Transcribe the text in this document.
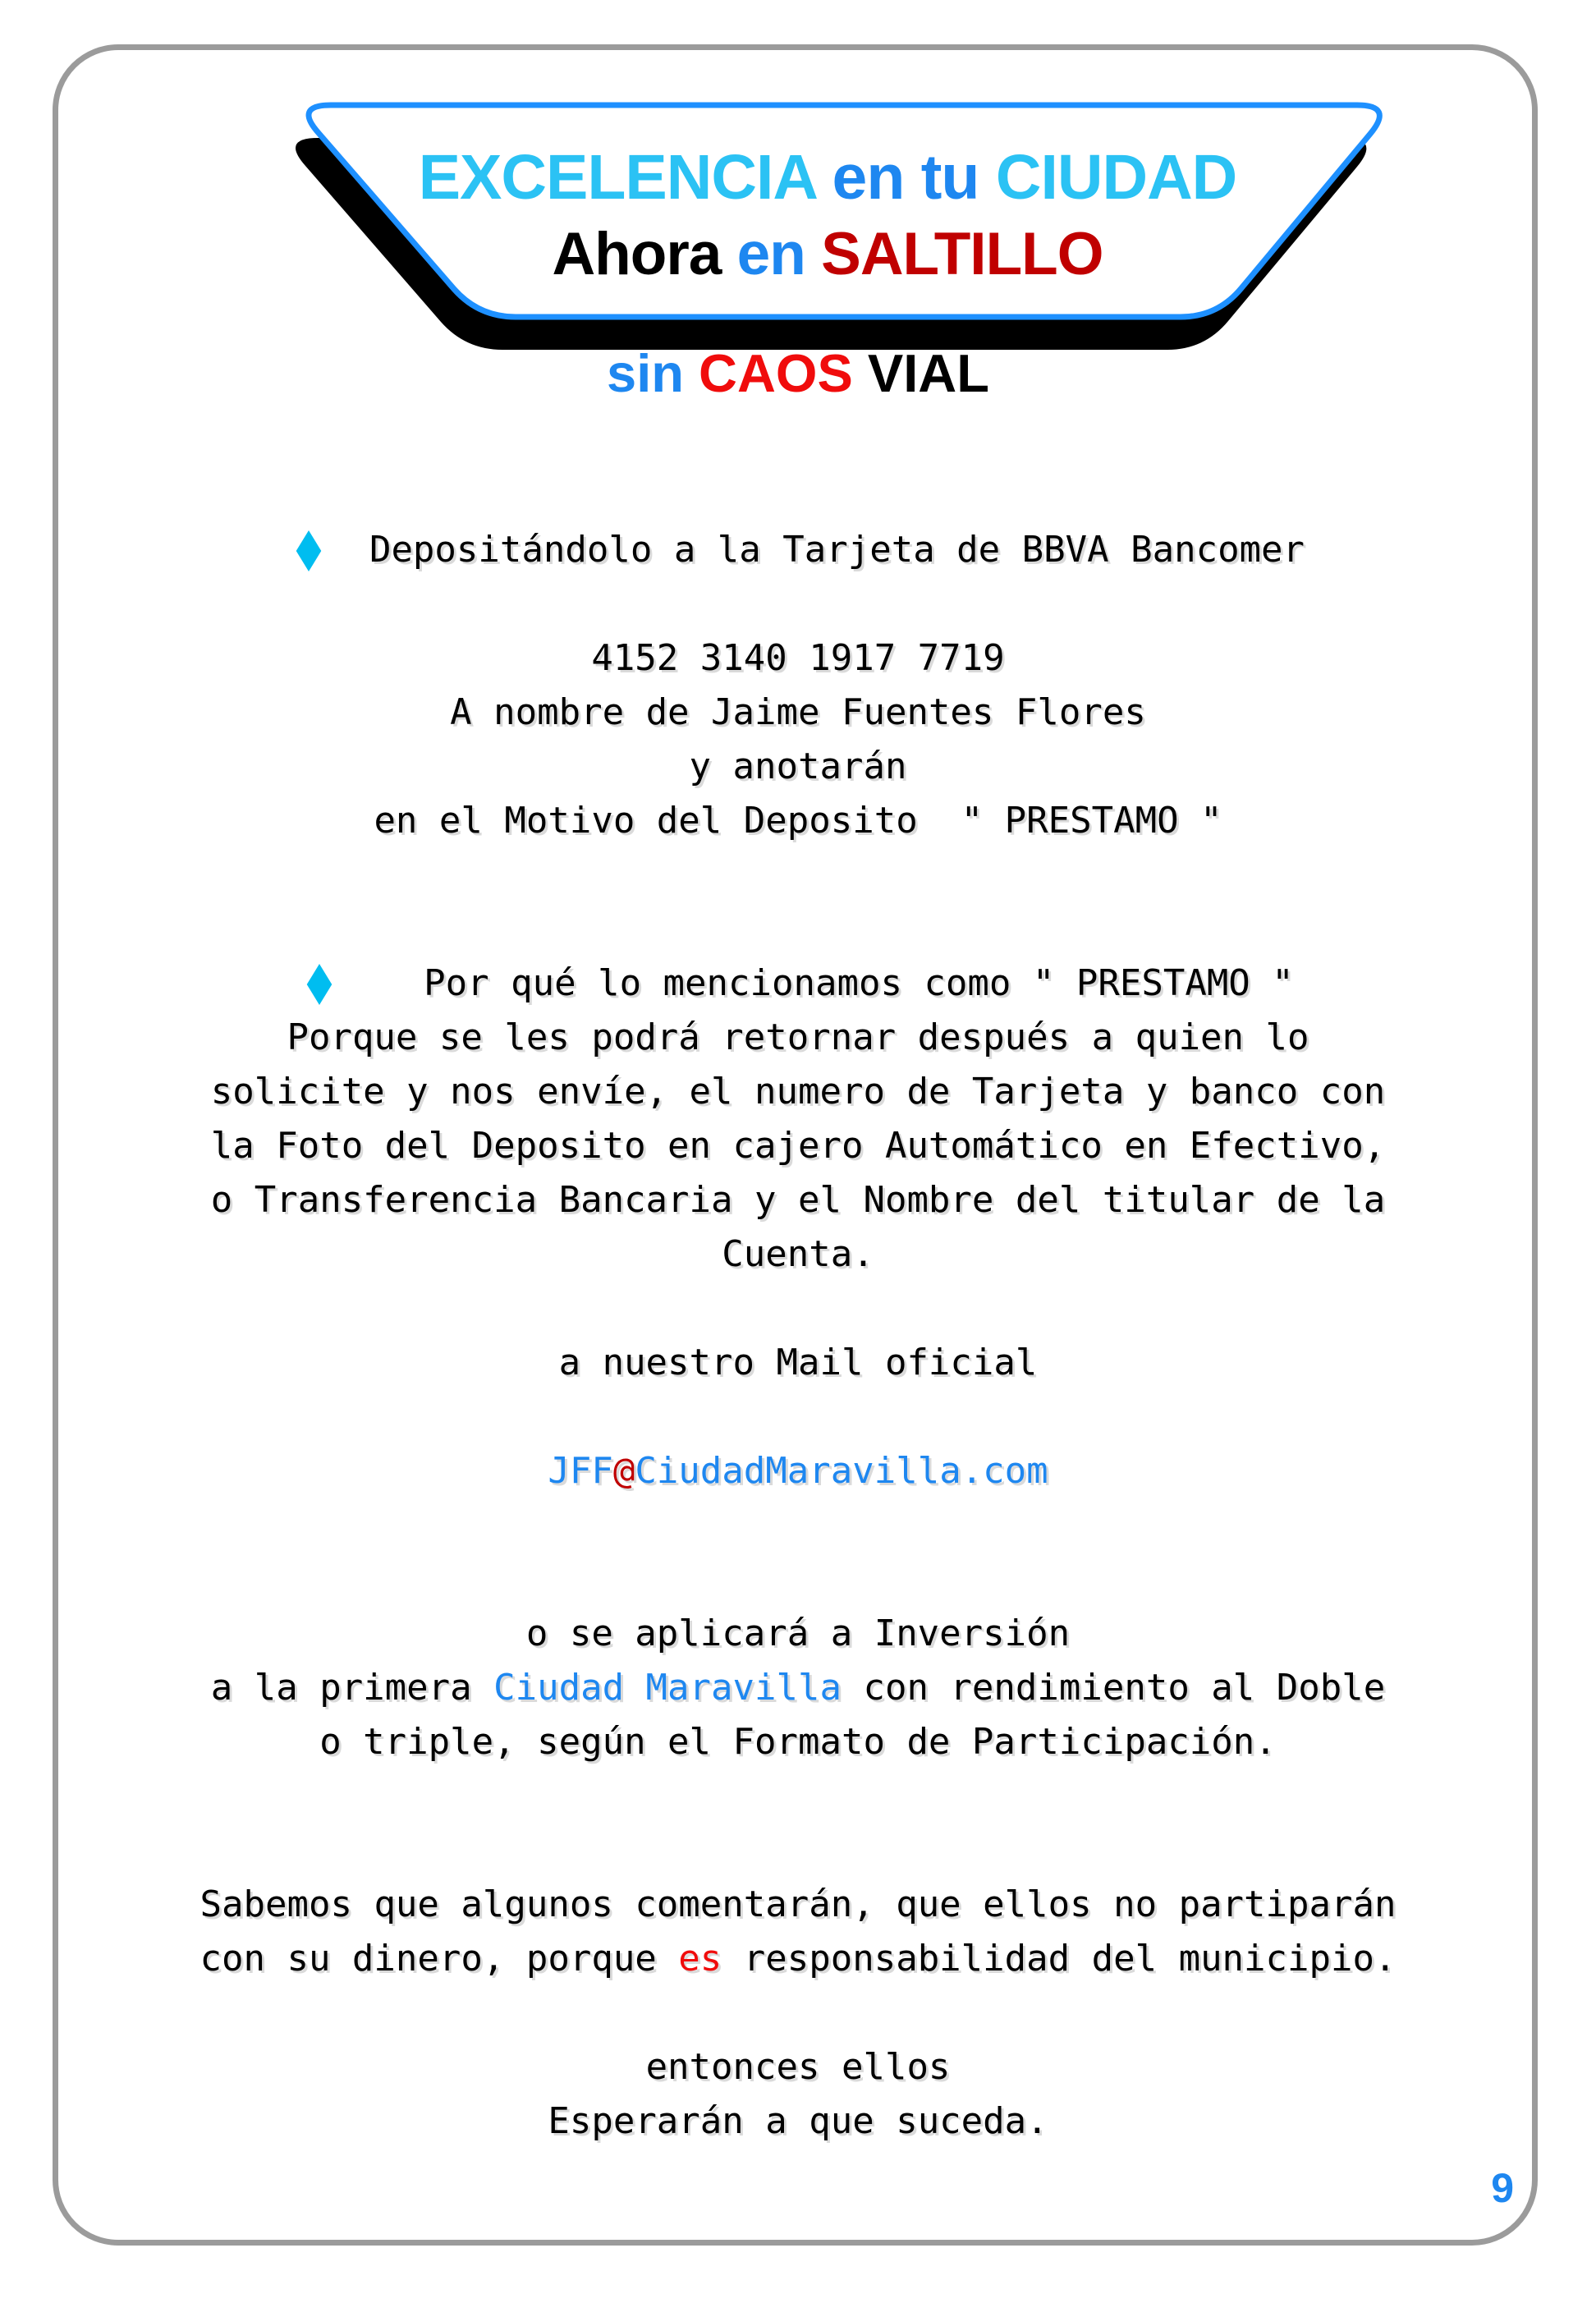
EXCELENCIA en tu CIUDAD
Ahora en SALTILLO
sin CAOS VIAL
Depositándolo a la Tarjeta de BBVA Bancomer

4152 3140 1917 7719
A nombre de Jaime Fuentes Flores
y anotarán
en el Motivo del Deposito  " PRESTAMO "

Por qué lo mencionamos como " PRESTAMO "
Porque se les podrá retornar después a quien lo
solicite y nos envíe, el numero de Tarjeta y banco con
la Foto del Deposito en cajero Automático en Efectivo,
o Transferencia Bancaria y el Nombre del titular de la
Cuenta.

a nuestro Mail oficial

JFF@CiudadMaravilla.com

o se aplicará a Inversión
a la primera Ciudad Maravilla con rendimiento al Doble
o triple, según el Formato de Participación.

Sabemos que algunos comentarán, que ellos no partiparán
con su dinero, porque es responsabilidad del municipio.

entonces ellos
Esperarán a que suceda.
9
